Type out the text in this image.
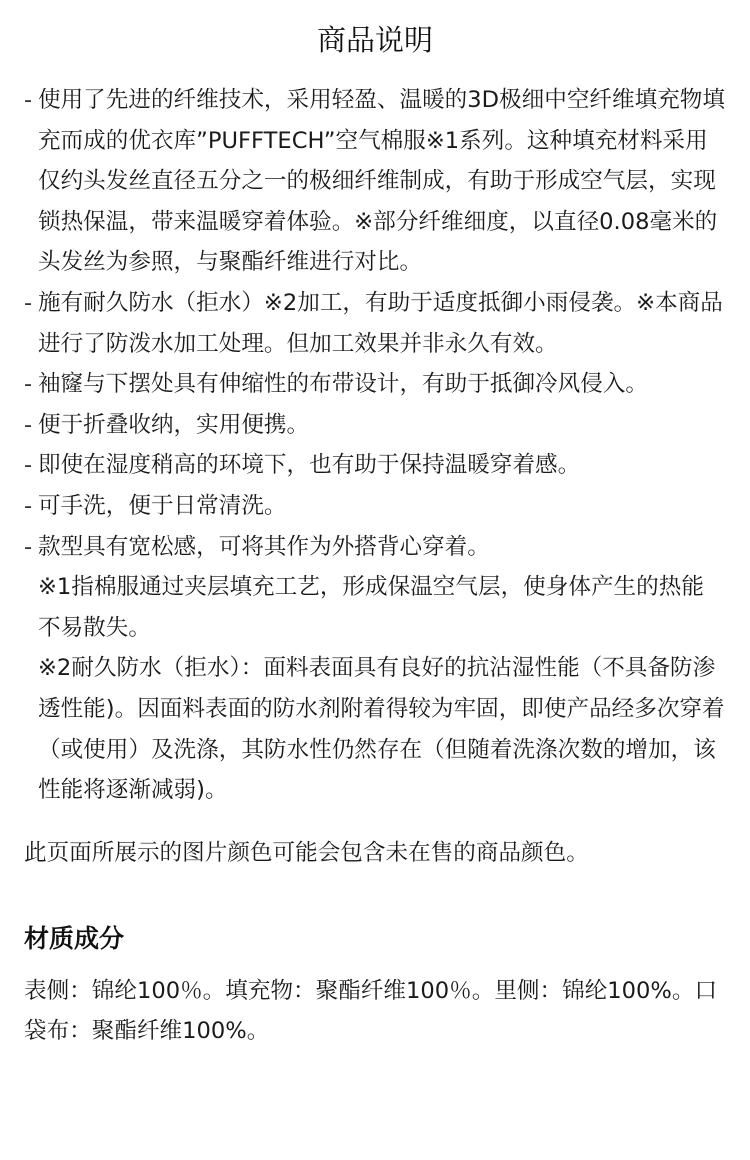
商品说明
- 使用了先进的纤维技术，采用轻盈、温暖的3D极细中空纤维填充物填充而成的优衣库”PUFFTECH”空气棉服※1系列。这种填充材料采用仅约头发丝直径五分之一的极细纤维制成，有助于形成空气层，实现锁热保温，带来温暖穿着体验。※部分纤维细度，以直径0.08毫米的头发丝为参照，与聚酯纤维进行对比。
- 施有耐久防水（拒水）※2加工，有助于适度抵御小雨侵袭。※本商品进行了防泼水加工处理。但加工效果并非永久有效。
- 袖窿与下摆处具有伸缩性的布带设计，有助于抵御冷风侵入。
- 便于折叠收纳，实用便携。
- 即使在湿度稍高的环境下，也有助于保持温暖穿着感。
- 可手洗，便于日常清洗。
- 款型具有宽松感，可将其作为外搭背心穿着。
※1指棉服通过夹层填充工艺，形成保温空气层，使身体产生的热能不易散失。
※2耐久防水（拒水）：面料表面具有良好的抗沾湿性能（不具备防渗透性能)。因面料表面的防水剂附着得较为牢固，即使产品经多次穿着（或使用）及洗涤，其防水性仍然存在（但随着洗涤次数的增加，该性能将逐渐减弱)。
此页面所展示的图片颜色可能会包含未在售的商品颜色。
材质成分
表侧：锦纶100％。填充物：聚酯纤维100％。里侧：锦纶100%。口袋布：聚酯纤维100%。
